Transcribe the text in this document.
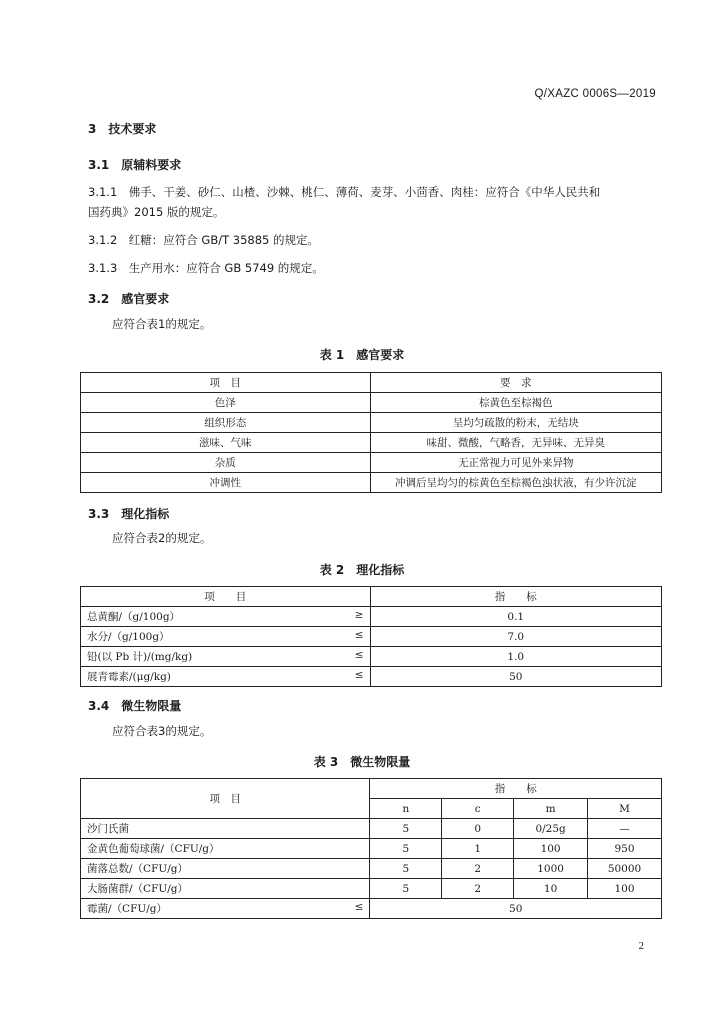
Q/XAZC 0006S—2019
3　技术要求
3.1　原辅料要求
3.1.1　佛手、干姜、砂仁、山楂、沙棘、桃仁、薄荷、麦芽、小茴香、肉桂：应符合《中华人民共和
国药典》2015 版的规定。
3.1.2　红糖：应符合 GB/T 35885 的规定。
3.1.3　生产用水：应符合 GB 5749 的规定。
3.2　感官要求
应符合表1的规定。
表 1　感官要求
项　目	要　求
色泽	棕黄色至棕褐色
组织形态	呈均匀疏散的粉末，无结块
滋味、气味	味甜、微酸，气略香，无异味、无异臭
杂质	无正常视力可见外来异物
冲调性	冲调后呈均匀的棕黄色至棕褐色浊状液，有少许沉淀
3.3　理化指标
应符合表2的规定。
表 2　理化指标
项　　目	指　　标
总黄酮/（g/100g） ≥	0.1
水分/（g/100g） ≤	7.0
铅(以 Pb 计)/(mg/kg) ≤	1.0
展青霉素/(μg/kg) ≤	50
3.4　微生物限量
应符合表3的规定。
表 3　微生物限量
项　目	指　　标			
	n	c	m	M
沙门氏菌	5	0	0/25g	—
金黄色葡萄球菌/（CFU/g）	5	1	100	950
菌落总数/（CFU/g）	5	2	1000	50000
大肠菌群/（CFU/g）	5	2	10	100
霉菌/（CFU/g） ≤	50			
2
